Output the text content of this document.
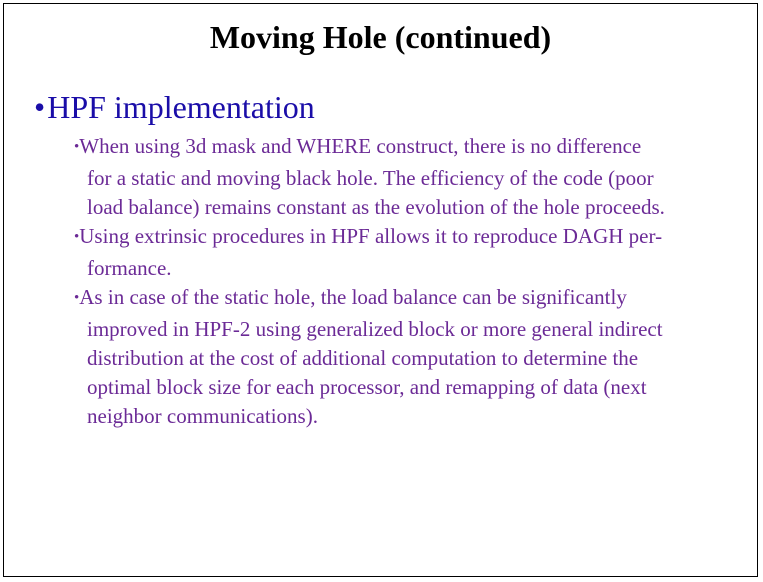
Moving Hole (continued)
•HPF implementation
•When using 3d mask and WHERE construct, there is no difference
for a static and moving black hole. The efficiency of the code (poor
load balance) remains constant as the evolution of the hole proceeds.
•Using extrinsic procedures in HPF allows it to reproduce DAGH per-
formance.
•As in case of the static hole, the load balance can be significantly
improved in HPF-2 using generalized block or more general indirect
distribution at the cost of additional computation to determine the
optimal block size for each processor, and remapping of data (next
neighbor communications).
